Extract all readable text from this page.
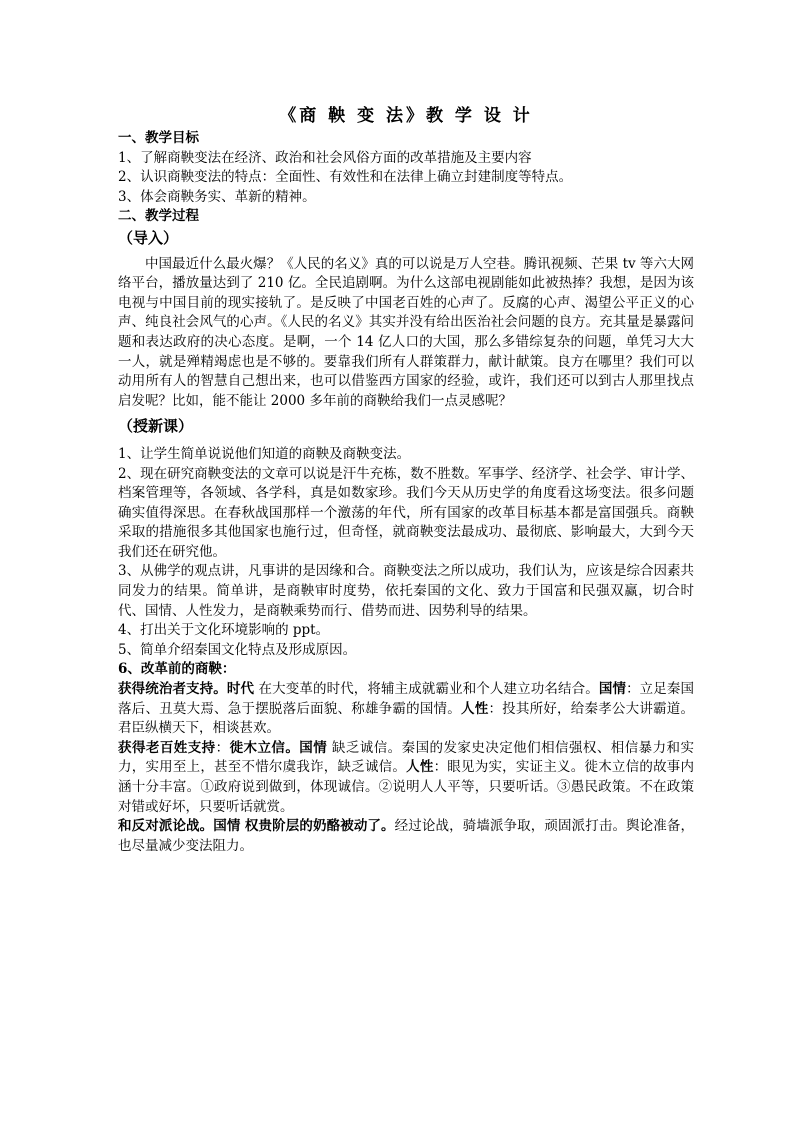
《商 鞅 变 法》教 学 设 计

一、教学目标

1、了解商鞅变法在经济、政治和社会风俗方面的改革措施及主要内容

2、认识商鞅变法的特点：全面性、有效性和在法律上确立封建制度等特点。

3、体会商鞅务实、革新的精神。

二、教学过程

（导入）

中国最近什么最火爆？《人民的名义》真的可以说是万人空巷。腾讯视频、芒果 tv 等六大网络平台，播放量达到了 210 亿。全民追剧啊。为什么这部电视剧能如此被热捧？我想，是因为该电视与中国目前的现实接轨了。是反映了中国老百姓的心声了。反腐的心声、渴望公平正义的心声、纯良社会风气的心声。《人民的名义》其实并没有给出医治社会问题的良方。充其量是暴露问题和表达政府的决心态度。是啊，一个 14 亿人口的大国，那么多错综复杂的问题，单凭习大大一人，就是殚精竭虑也是不够的。要靠我们所有人群策群力，献计献策。良方在哪里？我们可以动用所有人的智慧自己想出来，也可以借鉴西方国家的经验，或许，我们还可以到古人那里找点启发呢？比如，能不能让 2000 多年前的商鞅给我们一点灵感呢？

（授新课）

1、让学生简单说说他们知道的商鞅及商鞅变法。

2、现在研究商鞅变法的文章可以说是汗牛充栋，数不胜数。军事学、经济学、社会学、审计学、档案管理等，各领域、各学科，真是如数家珍。我们今天从历史学的角度看这场变法。很多问题确实值得深思。在春秋战国那样一个激荡的年代，所有国家的改革目标基本都是富国强兵。商鞅采取的措施很多其他国家也施行过，但奇怪，就商鞅变法最成功、最彻底、影响最大，大到今天我们还在研究他。

3、从佛学的观点讲，凡事讲的是因缘和合。商鞅变法之所以成功，我们认为，应该是综合因素共同发力的结果。简单讲，是商鞅审时度势，依托秦国的文化、致力于国富和民强双赢，切合时代、国情、人性发力，是商鞅乘势而行、借势而进、因势利导的结果。

4、打出关于文化环境影响的 ppt。

5、简单介绍秦国文化特点及形成原因。

6、改革前的商鞅：

获得统治者支持。时代 在大变革的时代，将辅主成就霸业和个人建立功名结合。国情：立足秦国落后、丑莫大焉、急于摆脱落后面貌、称雄争霸的国情。人性：投其所好，给秦孝公大讲霸道。君臣纵横天下，相谈甚欢。

获得老百姓支持：徙木立信。国情 缺乏诚信。秦国的发家史决定他们相信强权、相信暴力和实力，实用至上，甚至不惜尔虞我诈，缺乏诚信。人性：眼见为实，实证主义。徙木立信的故事内涵十分丰富。①政府说到做到，体现诚信。②说明人人平等，只要听话。③愚民政策。不在政策对错或好坏，只要听话就赏。

和反对派论战。国情 权贵阶层的奶酪被动了。经过论战，骑墙派争取，顽固派打击。舆论准备，也尽量减少变法阻力。
